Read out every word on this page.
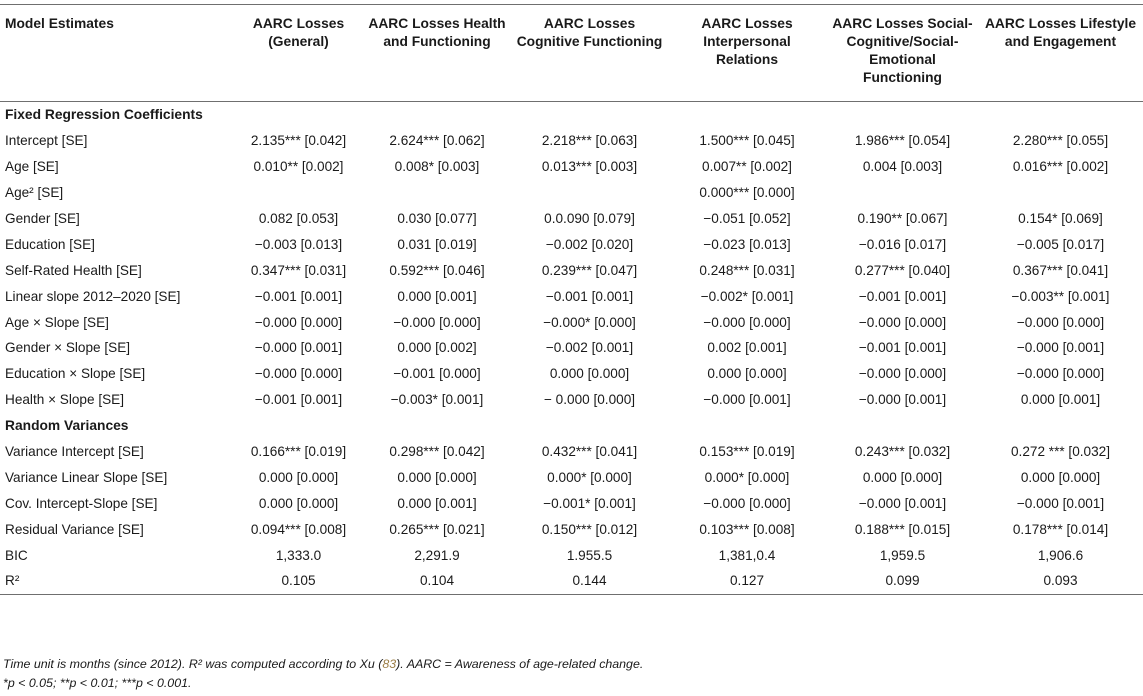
Model Estimates	AARC Losses (General)	AARC Losses Health and Functioning	AARC Losses Cognitive Functioning	AARC Losses Interpersonal Relations	AARC Losses Social-Cognitive/Social-Emotional Functioning	AARC Losses Lifestyle and Engagement
Fixed Regression Coefficients						
Intercept [SE]	2.135*** [0.042]	2.624*** [0.062]	2.218*** [0.063]	1.500*** [0.045]	1.986*** [0.054]	2.280*** [0.055]
Age [SE]	0.010** [0.002]	0.008* [0.003]	0.013*** [0.003]	0.007** [0.002]	0.004 [0.003]	0.016*** [0.002]
Age² [SE]				0.000*** [0.000]		
Gender [SE]	0.082 [0.053]	0.030 [0.077]	0.0.090 [0.079]	−0.051 [0.052]	0.190** [0.067]	0.154* [0.069]
Education [SE]	−0.003 [0.013]	0.031 [0.019]	−0.002 [0.020]	−0.023 [0.013]	−0.016 [0.017]	−0.005 [0.017]
Self-Rated Health [SE]	0.347*** [0.031]	0.592*** [0.046]	0.239*** [0.047]	0.248*** [0.031]	0.277*** [0.040]	0.367*** [0.041]
Linear slope 2012–2020 [SE]	−0.001 [0.001]	0.000 [0.001]	−0.001 [0.001]	−0.002* [0.001]	−0.001 [0.001]	−0.003** [0.001]
Age × Slope [SE]	−0.000 [0.000]	−0.000 [0.000]	−0.000* [0.000]	−0.000 [0.000]	−0.000 [0.000]	−0.000 [0.000]
Gender × Slope [SE]	−0.000 [0.001]	0.000 [0.002]	−0.002 [0.001]	0.002 [0.001]	−0.001 [0.001]	−0.000 [0.001]
Education × Slope [SE]	−0.000 [0.000]	−0.001 [0.000]	0.000 [0.000]	0.000 [0.000]	−0.000 [0.000]	−0.000 [0.000]
Health × Slope [SE]	−0.001 [0.001]	−0.003* [0.001]	− 0.000 [0.000]	−0.000 [0.001]	−0.000 [0.001]	0.000 [0.001]
Random Variances						
Variance Intercept [SE]	0.166*** [0.019]	0.298*** [0.042]	0.432*** [0.041]	0.153*** [0.019]	0.243*** [0.032]	0.272 *** [0.032]
Variance Linear Slope [SE]	0.000 [0.000]	0.000 [0.000]	0.000* [0.000]	0.000* [0.000]	0.000 [0.000]	0.000 [0.000]
Cov. Intercept-Slope [SE]	0.000 [0.000]	0.000 [0.001]	−0.001* [0.001]	−0.000 [0.000]	−0.000 [0.001]	−0.000 [0.001]
Residual Variance [SE]	0.094*** [0.008]	0.265*** [0.021]	0.150*** [0.012]	0.103*** [0.008]	0.188*** [0.015]	0.178*** [0.014]
BIC	1,333.0	2,291.9	1.955.5	1,381,0.4	1,959.5	1,906.6
R²	0.105	0.104	0.144	0.127	0.099	0.093
Time unit is months (since 2012). R² was computed according to Xu (83). AARC = Awareness of age-related change.
*p < 0.05; **p < 0.01; ***p < 0.001.
